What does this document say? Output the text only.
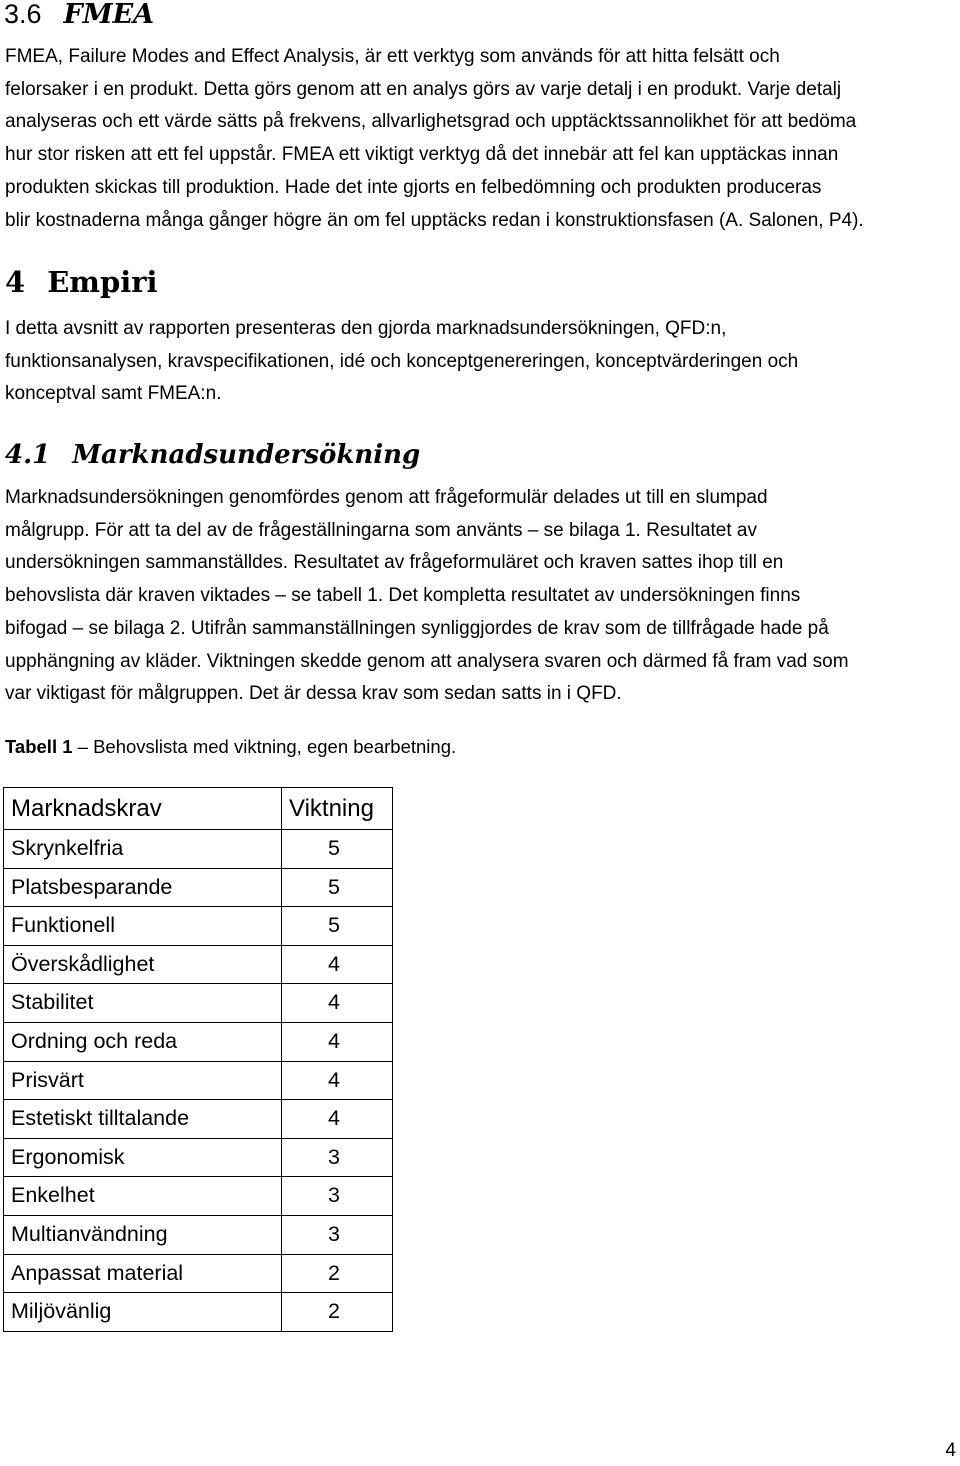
3.6 FMEA

FMEA, Failure Modes and Effect Analysis, är ett verktyg som används för att hitta felsätt och
felorsaker i en produkt. Detta görs genom att en analys görs av varje detalj i en produkt. Varje detalj
analyseras och ett värde sätts på frekvens, allvarlighetsgrad och upptäcktssannolikhet för att bedöma
hur stor risken att ett fel uppstår. FMEA ett viktigt verktyg då det innebär att fel kan upptäckas innan
produkten skickas till produktion. Hade det inte gjorts en felbedömning och produkten produceras
blir kostnaderna många gånger högre än om fel upptäcks redan i konstruktionsfasen (A. Salonen, P4).

4 Empiri

I detta avsnitt av rapporten presenteras den gjorda marknadsundersökningen, QFD:n,
funktionsanalysen, kravspecifikationen, idé och konceptgenereringen, konceptvärderingen och
konceptval samt FMEA:n.

4.1 Marknadsundersökning

Marknadsundersökningen genomfördes genom att frågeformulär delades ut till en slumpad
målgrupp. För att ta del av de frågeställningarna som använts – se bilaga 1. Resultatet av
undersökningen sammanställdes. Resultatet av frågeformuläret och kraven sattes ihop till en
behovslista där kraven viktades – se tabell 1. Det kompletta resultatet av undersökningen finns
bifogad – se bilaga 2. Utifrån sammanställningen synliggjordes de krav som de tillfrågade hade på
upphängning av kläder. Viktningen skedde genom att analysera svaren och därmed få fram vad som
var viktigast för målgruppen. Det är dessa krav som sedan satts in i QFD.

Tabell 1 – Behovslista med viktning, egen bearbetning.

Marknadskrav	Viktning
Skrynkelfria	5
Platsbesparande	5
Funktionell	5
Överskådlighet	4
Stabilitet	4
Ordning och reda	4
Prisvärt	4
Estetiskt tilltalande	4
Ergonomisk	3
Enkelhet	3
Multianvändning	3
Anpassat material	2
Miljövänlig	2
4
